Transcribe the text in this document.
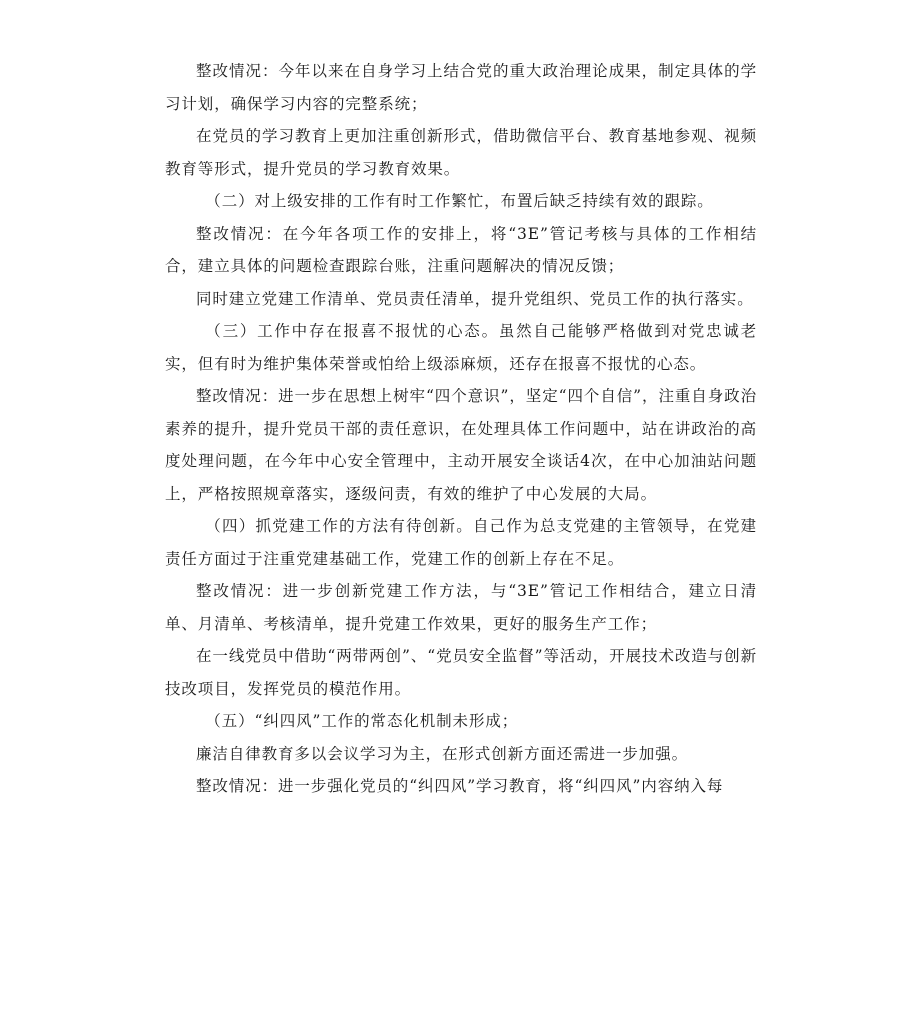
整改情况：今年以来在自身学习上结合党的重大政治理论成果，制定具体的学习计划，确保学习内容的完整系统；

在党员的学习教育上更加注重创新形式，借助微信平台、教育基地参观、视频教育等形式，提升党员的学习教育效果。

（二）对上级安排的工作有时工作繁忙，布置后缺乏持续有效的跟踪。

整改情况：在今年各项工作的安排上，将“3E”管记考核与具体的工作相结合，建立具体的问题检查跟踪台账，注重问题解决的情况反馈；

同时建立党建工作清单、党员责任清单，提升党组织、党员工作的执行落实。

（三）工作中存在报喜不报忧的心态。虽然自己能够严格做到对党忠诚老实，但有时为维护集体荣誉或怕给上级添麻烦，还存在报喜不报忧的心态。

整改情况：进一步在思想上树牢“四个意识”，坚定“四个自信”，注重自身政治素养的提升，提升党员干部的责任意识，在处理具体工作问题中，站在讲政治的高度处理问题，在今年中心安全管理中，主动开展安全谈话4次，在中心加油站问题上，严格按照规章落实，逐级问责，有效的维护了中心发展的大局。

（四）抓党建工作的方法有待创新。自己作为总支党建的主管领导，在党建责任方面过于注重党建基础工作，党建工作的创新上存在不足。

整改情况：进一步创新党建工作方法，与“3E”管记工作相结合，建立日清单、月清单、考核清单，提升党建工作效果，更好的服务生产工作；

在一线党员中借助“两带两创”、“党员安全监督”等活动，开展技术改造与创新技改项目，发挥党员的模范作用。

（五）“纠四风”工作的常态化机制未形成；

廉洁自律教育多以会议学习为主，在形式创新方面还需进一步加强。

整改情况：进一步强化党员的“纠四风”学习教育，将“纠四风”内容纳入每
